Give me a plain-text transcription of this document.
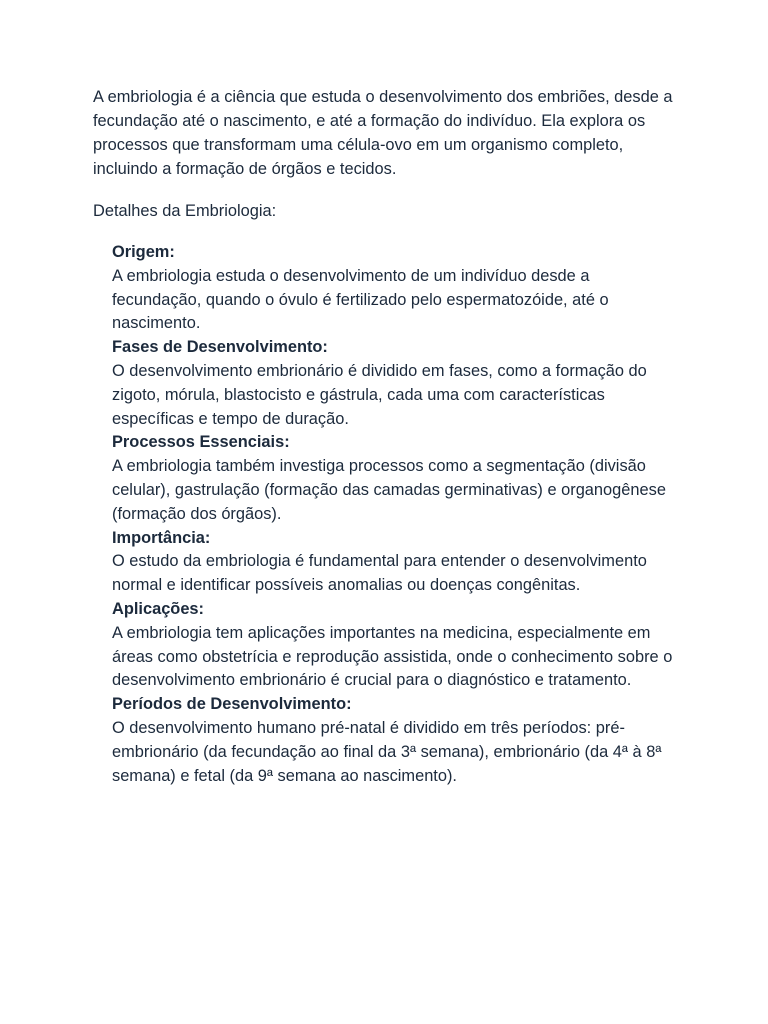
A embriologia é a ciência que estuda o desenvolvimento dos embriões, desde a fecundação até o nascimento, e até a formação do indivíduo. Ela explora os processos que transformam uma célula-ovo em um organismo completo, incluindo a formação de órgãos e tecidos.

Detalhes da Embriologia:

Origem:
A embriologia estuda o desenvolvimento de um indivíduo desde a fecundação, quando o óvulo é fertilizado pelo espermatozóide, até o nascimento.
Fases de Desenvolvimento:
O desenvolvimento embrionário é dividido em fases, como a formação do zigoto, mórula, blastocisto e gástrula, cada uma com características específicas e tempo de duração.
Processos Essenciais:
A embriologia também investiga processos como a segmentação (divisão celular), gastrulação (formação das camadas germinativas) e organogênese (formação dos órgãos).
Importância:
O estudo da embriologia é fundamental para entender o desenvolvimento normal e identificar possíveis anomalias ou doenças congênitas.
Aplicações:
A embriologia tem aplicações importantes na medicina, especialmente em áreas como obstetrícia e reprodução assistida, onde o conhecimento sobre o desenvolvimento embrionário é crucial para o diagnóstico e tratamento.
Períodos de Desenvolvimento:
O desenvolvimento humano pré-natal é dividido em três períodos: pré-embrionário (da fecundação ao final da 3ª semana), embrionário (da 4ª à 8ª semana) e fetal (da 9ª semana ao nascimento).
